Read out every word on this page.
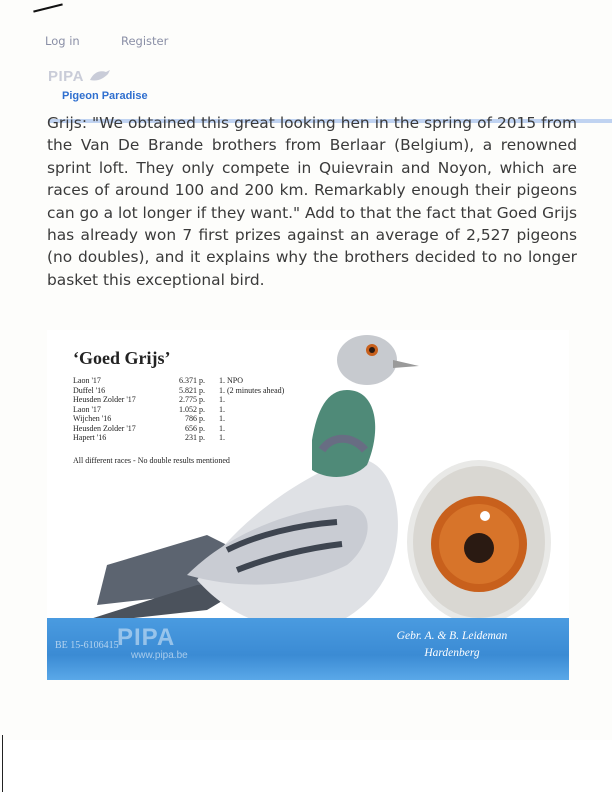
Log in	Register
PIPA
Pigeon Paradise

Grijs: "We obtained this great looking hen in the spring of 2015 from the Van De Brande brothers from Berlaar (Belgium), a renowned sprint loft. They only compete in Quievrain and Noyon, which are races of around 100 and 200 km. Remarkably enough their pigeons can go a lot longer if they want." Add to that the fact that Goed Grijs has already won 7 first prizes against an average of 2,527 pigeons (no doubles), and it explains why the brothers decided to no longer basket this exceptional bird.

‘Goed Grijs’
Laon '17	6.371 p. 1. NPO
Duffel '16	5.821 p. 1. (2 minutes ahead)
Heusden Zolder '17	2.775 p. 1.
Laon '17	1.052 p. 1.
Wijchen '16	786 p. 1.
Heusden Zolder '17	656 p. 1.
Hapert '16	231 p. 1.
All different races - No double results mentioned
PIPA
BE 15-6106415
www.pipa.be
Gebr. A. & B. Leideman
Hardenberg
